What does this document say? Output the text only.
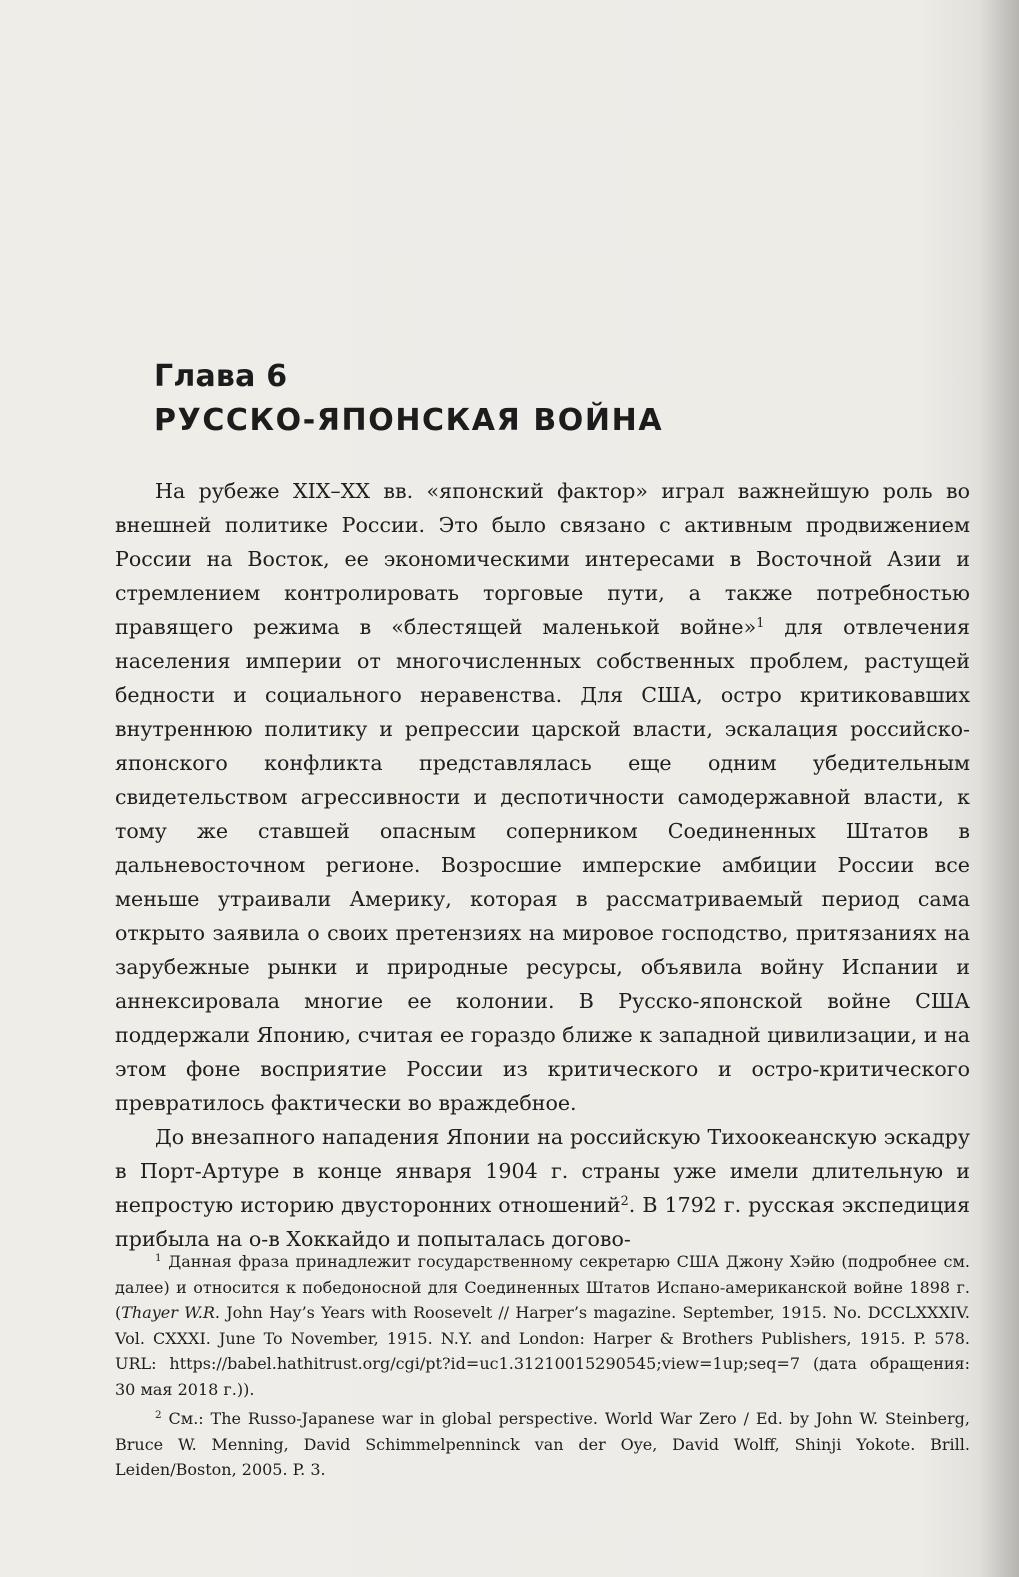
Глава 6
РУССКО-ЯПОНСКАЯ ВОЙНА

На рубеже XIX–XX вв. «японский фактор» играл важнейшую роль во внешней политике России. Это было связано с активным продвижением России на Восток, ее экономическими интересами в Восточной Азии и стремлением контролировать торговые пути, а также потребностью правящего режима в «блестящей маленькой войне»$^1$ для отвлечения населения империи от многочисленных собственных проблем, растущей бедности и социального неравенства. Для США, остро критиковавших внутреннюю политику и репрессии царской власти, эскалация российско-японского конфликта представлялась еще одним убедительным свидетельством агрессивности и деспотичности самодержавной власти, к тому же ставшей опасным соперником Соединенных Штатов в дальневосточном регионе. Возросшие имперские амбиции России все меньше утраивали Америку, которая в рассматриваемый период сама открыто заявила о своих претензиях на мировое господство, притязаниях на зарубежные рынки и природные ресурсы, объявила войну Испании и аннексировала многие ее колонии. В Русско-японской войне США поддержали Японию, считая ее гораздо ближе к западной цивилизации, и на этом фоне восприятие России из критического и остро-критического превратилось фактически во враждебное.

До внезапного нападения Японии на российскую Тихоокеанскую эскадру в Порт-Артуре в конце января 1904 г. страны уже имели длительную и непростую историю двусторонних отношений$^2$. В 1792 г. русская экспедиция прибыла на о-в Хоккайдо и попыталась догово-

$^1$ Данная фраза принадлежит государственному секретарю США Джону Хэйю (подробнее см. далее) и относится к победоносной для Соединенных Штатов Испано-американской войне 1898 г. (Thayer W.R. John Hay’s Years with Roosevelt // Harper’s magazine. September, 1915. No. DCCLXXXIV. Vol. CXXXI. June To November, 1915. N.Y. and London: Harper & Brothers Publishers, 1915. P. 578. URL: https://babel.hathitrust.org/cgi/pt?id=uc1.31210015290545;view=1up;seq=7 (дата обращения: 30 мая 2018 г.)).

$^2$ См.: The Russo-Japanese war in global perspective. World War Zero / Ed. by John W. Steinberg, Bruce W. Menning, David Schimmelpenninck van der Oye, David Wolff, Shinji Yokote. Brill. Leiden/Boston, 2005. P. 3.
